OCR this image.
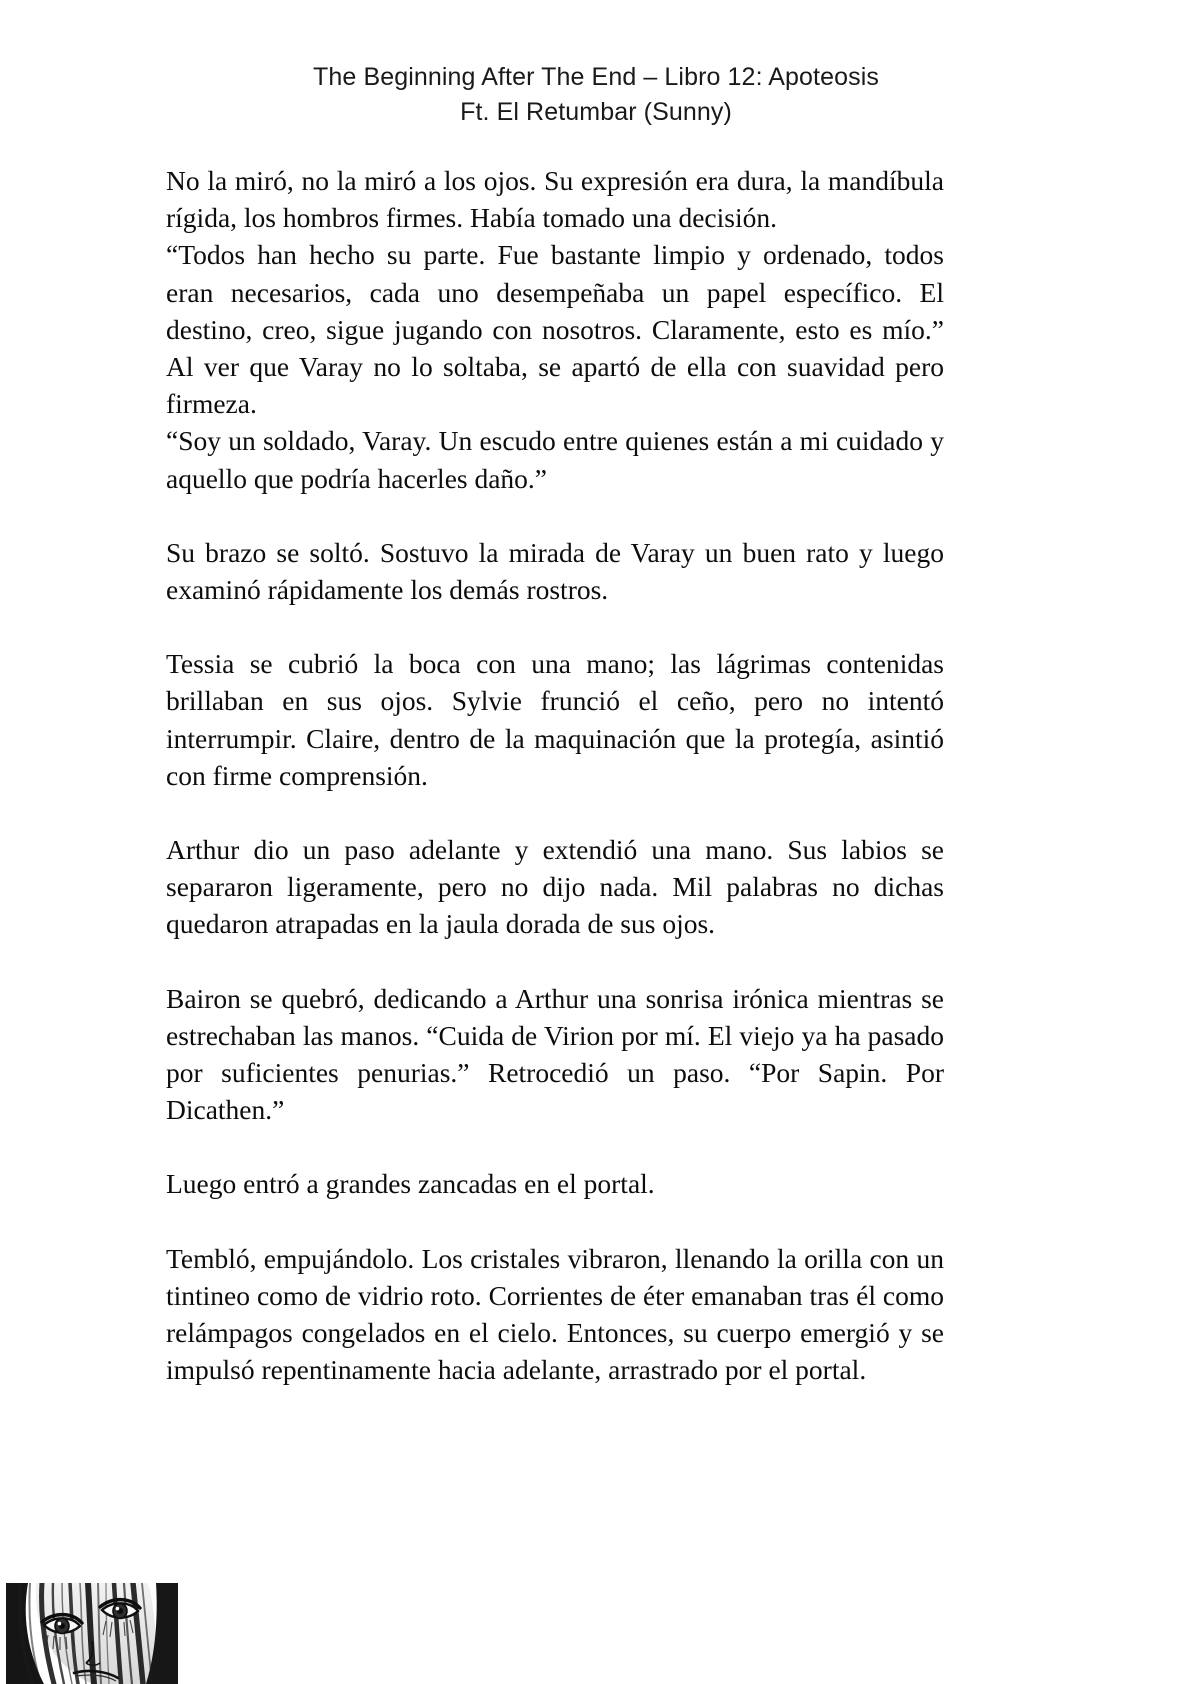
The Beginning After The End – Libro 12: Apoteosis
Ft. El Retumbar (Sunny)

No la miró, no la miró a los ojos. Su expresión era dura, la mandíbula rígida, los hombros firmes. Había tomado una decisión.

“Todos han hecho su parte. Fue bastante limpio y ordenado, todos eran necesarios, cada uno desempeñaba un papel específico. El destino, creo, sigue jugando con nosotros. Claramente, esto es mío.” Al ver que Varay no lo soltaba, se apartó de ella con suavidad pero firmeza.

“Soy un soldado, Varay. Un escudo entre quienes están a mi cuidado y aquello que podría hacerles daño.”

Su brazo se soltó. Sostuvo la mirada de Varay un buen rato y luego examinó rápidamente los demás rostros.

Tessia se cubrió la boca con una mano; las lágrimas contenidas brillaban en sus ojos. Sylvie frunció el ceño, pero no intentó interrumpir. Claire, dentro de la maquinación que la protegía, asintió con firme comprensión.

Arthur dio un paso adelante y extendió una mano. Sus labios se separaron ligeramente, pero no dijo nada. Mil palabras no dichas quedaron atrapadas en la jaula dorada de sus ojos.

Bairon se quebró, dedicando a Arthur una sonrisa irónica mientras se estrechaban las manos. “Cuida de Virion por mí. El viejo ya ha pasado por suficientes penurias.” Retrocedió un paso. “Por Sapin. Por Dicathen.”

Luego entró a grandes zancadas en el portal.

Tembló, empujándolo. Los cristales vibraron, llenando la orilla con un tintineo como de vidrio roto. Corrientes de éter emanaban tras él como relámpagos congelados en el cielo. Entonces, su cuerpo emergió y se impulsó repentinamente hacia adelante, arrastrado por el portal.
